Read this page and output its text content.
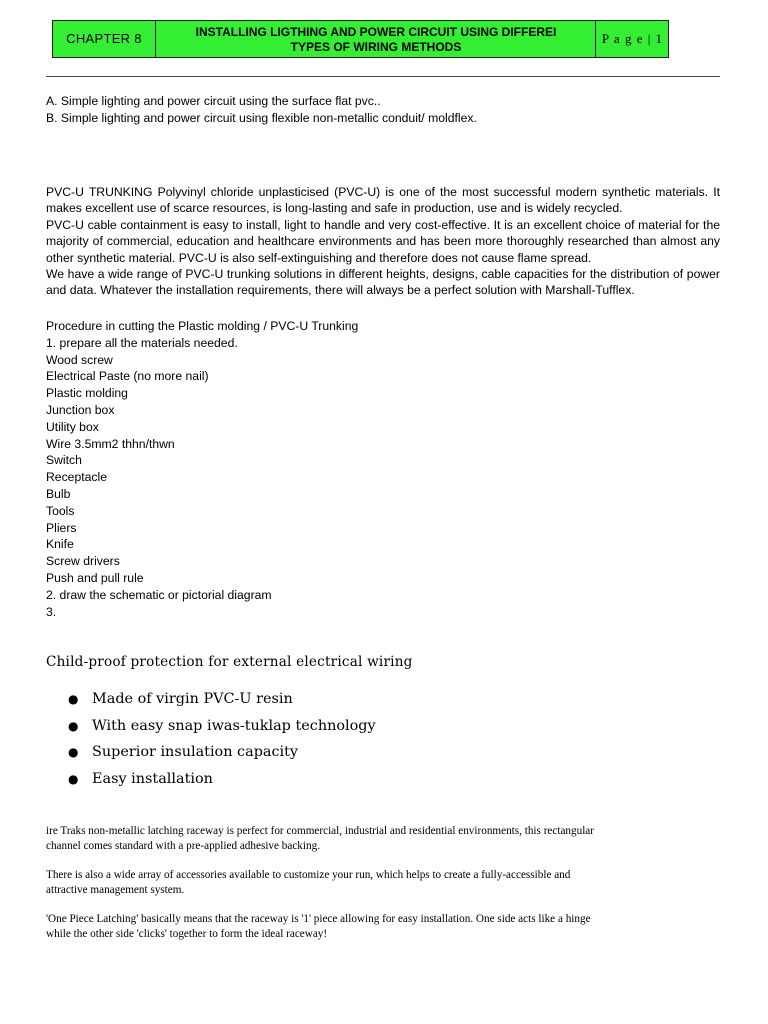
CHAPTER 8	INSTALLING LIGTHING AND POWER CIRCUIT USING DIFFEREI
TYPES OF WIRING METHODS
P a g e | 1
A. Simple lighting and power circuit using the surface flat pvc..
B. Simple lighting and power circuit using flexible non-metallic conduit/ moldflex.

PVC-U TRUNKING Polyvinyl chloride unplasticised (PVC-U) is one of the most successful modern synthetic materials. It makes excellent use of scarce resources, is long-lasting and safe in production, use and is widely recycled.

PVC-U cable containment is easy to install, light to handle and very cost-effective. It is an excellent choice of material for the majority of commercial, education and healthcare environments and has been more thoroughly researched than almost any other synthetic material. PVC-U is also self-extinguishing and therefore does not cause flame spread.

We have a wide range of PVC-U trunking solutions in different heights, designs, cable capacities for the distribution of power and data. Whatever the installation requirements, there will always be a perfect solution with Marshall-Tufflex.

Procedure in cutting the Plastic molding / PVC-U Trunking
1. prepare all the materials needed.
Wood screw
Electrical Paste (no more nail)
Plastic molding
Junction box
Utility box
Wire 3.5mm2 thhn/thwn
Switch
Receptacle
Bulb
Tools
Pliers
Knife
Screw drivers
Push and pull rule
2. draw the schematic or pictorial diagram
3.
Child-proof protection for external electrical wiring
● Made of virgin PVC-U resin
● With easy snap iwas-tuklap technology
● Superior insulation capacity
● Easy installation
ire Traks non-metallic latching raceway is perfect for commercial, industrial and residential environments, this rectangular
channel comes standard with a pre-applied adhesive backing.
There is also a wide array of accessories available to customize your run, which helps to create a fully-accessible and
attractive management system.
'One Piece Latching' basically means that the raceway is '1' piece allowing for easy installation. One side acts like a hinge
while the other side 'clicks' together to form the ideal raceway!
